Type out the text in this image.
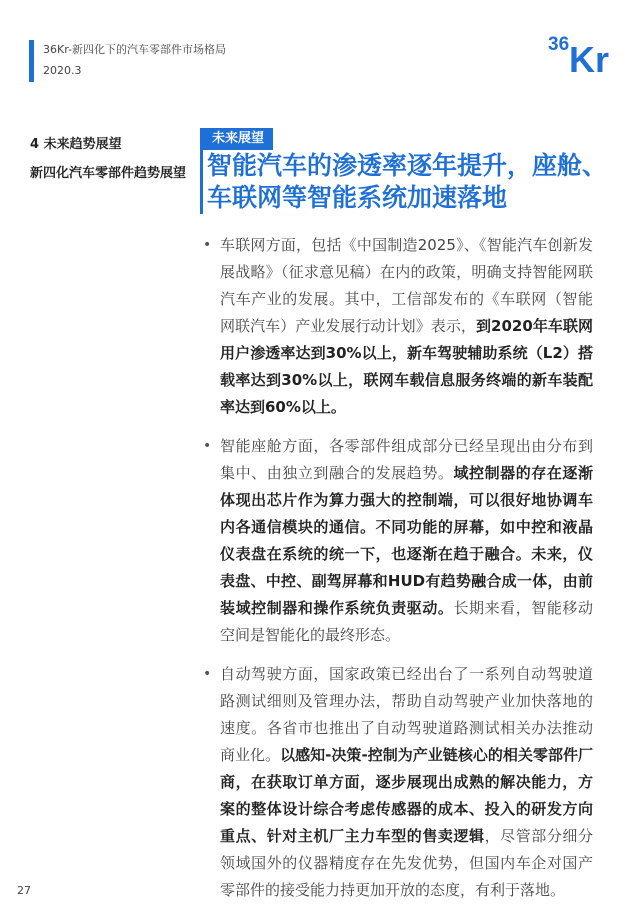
36Kr-新四化下的汽车零部件市场格局
2020.3
36 Kr
4 未来趋势展望
新四化汽车零部件趋势展望
未来展望
智能汽车的渗透率逐年提升，座舱、车联网等智能系统加速落地
• 车联网方面，包括《中国制造2025》、《智能汽车创新发展战略》（征求意见稿）在内的政策，明确支持智能网联汽车产业的发展。其中，工信部发布的《车联网（智能网联汽车）产业发展行动计划》表示，到2020年车联网用户渗透率达到30%以上，新车驾驶辅助系统（L2）搭载率达到30%以上，联网车载信息服务终端的新车装配率达到60%以上。
• 智能座舱方面，各零部件组成部分已经呈现出由分布到集中、由独立到融合的发展趋势。域控制器的存在逐渐体现出芯片作为算力强大的控制端，可以很好地协调车内各通信模块的通信。不同功能的屏幕，如中控和液晶仪表盘在系统的统一下，也逐渐在趋于融合。未来，仪表盘、中控、副驾屏幕和HUD有趋势融合成一体，由前装域控制器和操作系统负责驱动。长期来看，智能移动空间是智能化的最终形态。
• 自动驾驶方面，国家政策已经出台了一系列自动驾驶道路测试细则及管理办法，帮助自动驾驶产业加快落地的速度。各省市也推出了自动驾驶道路测试相关办法推动商业化。以感知-决策-控制为产业链核心的相关零部件厂商，在获取订单方面，逐步展现出成熟的解决能力，方案的整体设计综合考虑传感器的成本、投入的研发方向重点、针对主机厂主力车型的售卖逻辑，尽管部分细分领域国外的仪器精度存在先发优势，但国内车企对国产零部件的接受能力持更加开放的态度，有利于落地。
27
